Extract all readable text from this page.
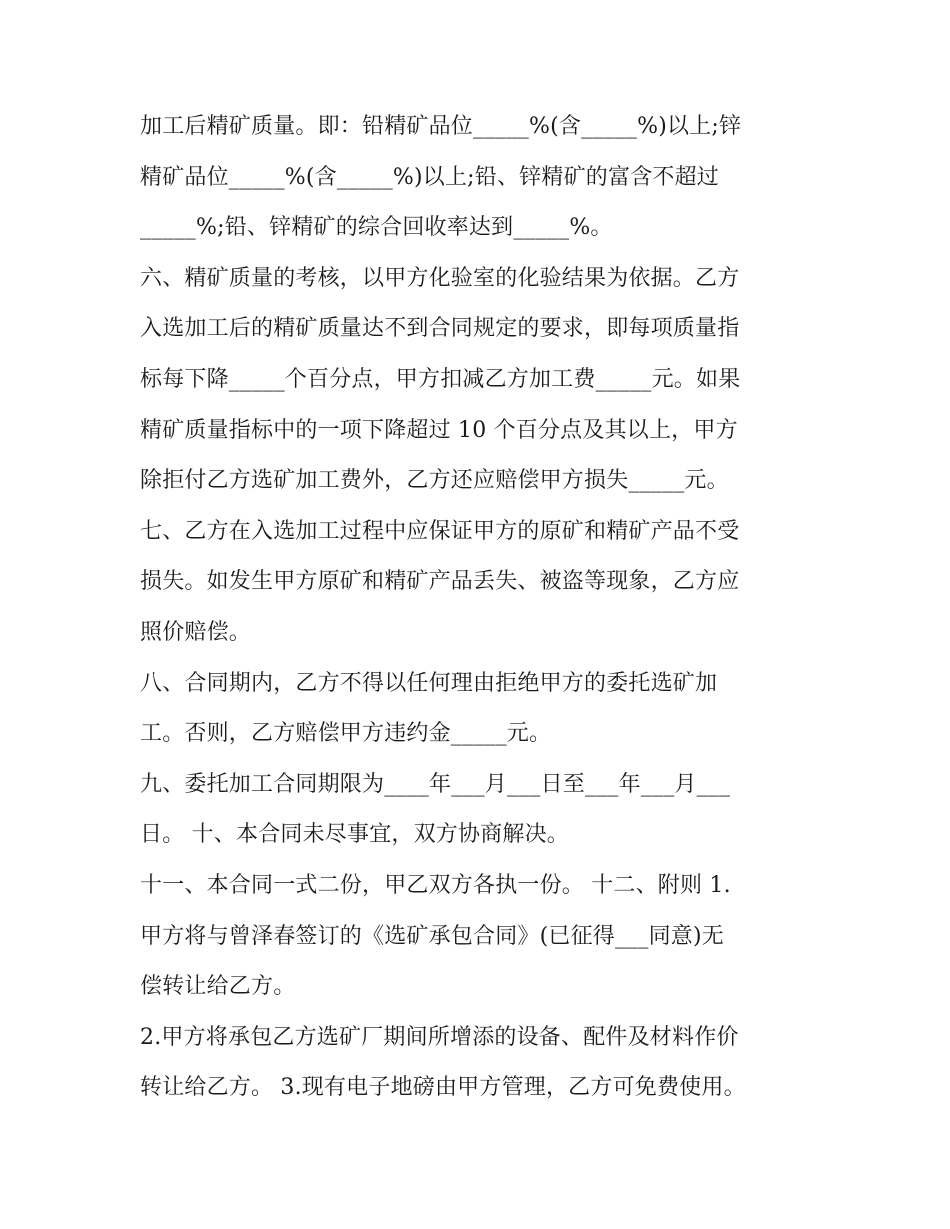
加工后精矿质量。即：铅精矿品位_____%(含_____%)以上;锌
精矿品位_____%(含_____%)以上;铅、锌精矿的富含不超过
_____%;铅、锌精矿的综合回收率达到_____%。
六、精矿质量的考核，以甲方化验室的化验结果为依据。乙方
入选加工后的精矿质量达不到合同规定的要求，即每项质量指
标每下降_____个百分点，甲方扣减乙方加工费_____元。如果
精矿质量指标中的一项下降超过 10 个百分点及其以上，甲方
除拒付乙方选矿加工费外，乙方还应赔偿甲方损失_____元。
七、乙方在入选加工过程中应保证甲方的原矿和精矿产品不受
损失。如发生甲方原矿和精矿产品丢失、被盗等现象，乙方应
照价赔偿。
八、合同期内，乙方不得以任何理由拒绝甲方的委托选矿加
工。否则，乙方赔偿甲方违约金_____元。
九、委托加工合同期限为____年___月___日至___年___月___
日。 十、本合同未尽事宜，双方协商解决。
十一、本合同一式二份，甲乙双方各执一份。 十二、附则 1.
甲方将与曾泽春签订的《选矿承包合同》(已征得___同意)无
偿转让给乙方。
2.甲方将承包乙方选矿厂期间所增添的设备、配件及材料作价
转让给乙方。 3.现有电子地磅由甲方管理，乙方可免费使用。
